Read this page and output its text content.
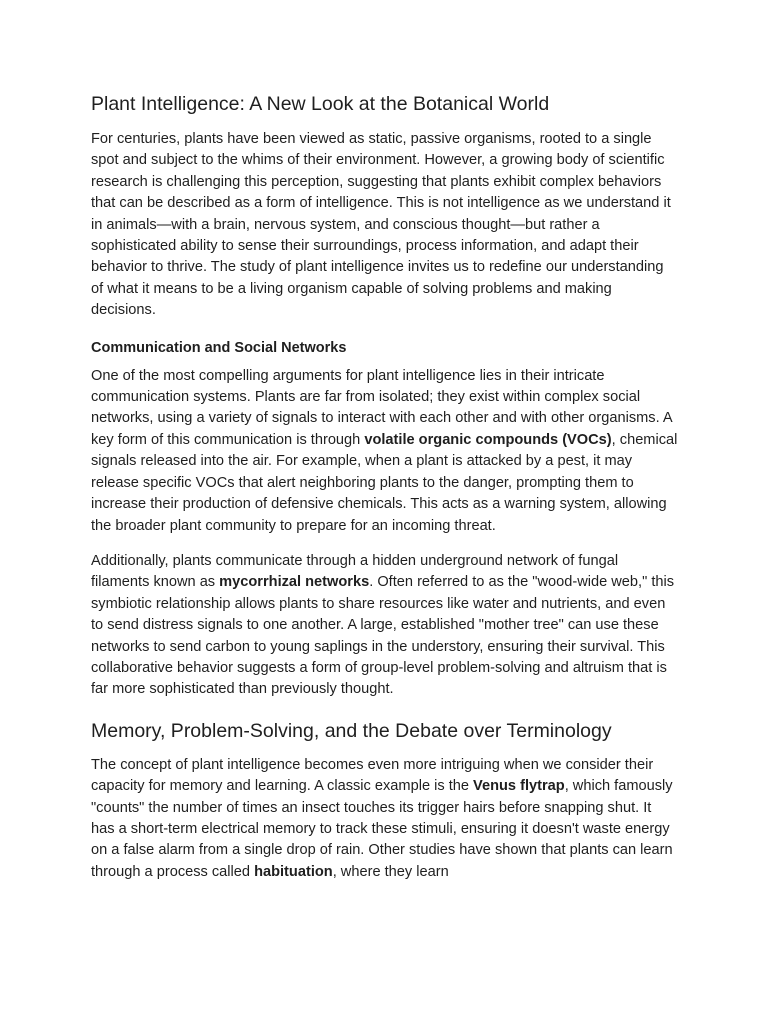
Plant Intelligence: A New Look at the Botanical World

For centuries, plants have been viewed as static, passive organisms, rooted to a single spot and subject to the whims of their environment. However, a growing body of scientific research is challenging this perception, suggesting that plants exhibit complex behaviors that can be described as a form of intelligence. This is not intelligence as we understand it in animals—with a brain, nervous system, and conscious thought—but rather a sophisticated ability to sense their surroundings, process information, and adapt their behavior to thrive. The study of plant intelligence invites us to redefine our understanding of what it means to be a living organism capable of solving problems and making decisions.

Communication and Social Networks

One of the most compelling arguments for plant intelligence lies in their intricate communication systems. Plants are far from isolated; they exist within complex social networks, using a variety of signals to interact with each other and with other organisms. A key form of this communication is through volatile organic compounds (VOCs), chemical signals released into the air. For example, when a plant is attacked by a pest, it may release specific VOCs that alert neighboring plants to the danger, prompting them to increase their production of defensive chemicals. This acts as a warning system, allowing the broader plant community to prepare for an incoming threat.

Additionally, plants communicate through a hidden underground network of fungal filaments known as mycorrhizal networks. Often referred to as the "wood-wide web," this symbiotic relationship allows plants to share resources like water and nutrients, and even to send distress signals to one another. A large, established "mother tree" can use these networks to send carbon to young saplings in the understory, ensuring their survival. This collaborative behavior suggests a form of group-level problem-solving and altruism that is far more sophisticated than previously thought.

Memory, Problem-Solving, and the Debate over Terminology

The concept of plant intelligence becomes even more intriguing when we consider their capacity for memory and learning. A classic example is the Venus flytrap, which famously "counts" the number of times an insect touches its trigger hairs before snapping shut. It has a short-term electrical memory to track these stimuli, ensuring it doesn't waste energy on a false alarm from a single drop of rain. Other studies have shown that plants can learn through a process called habituation, where they learn
